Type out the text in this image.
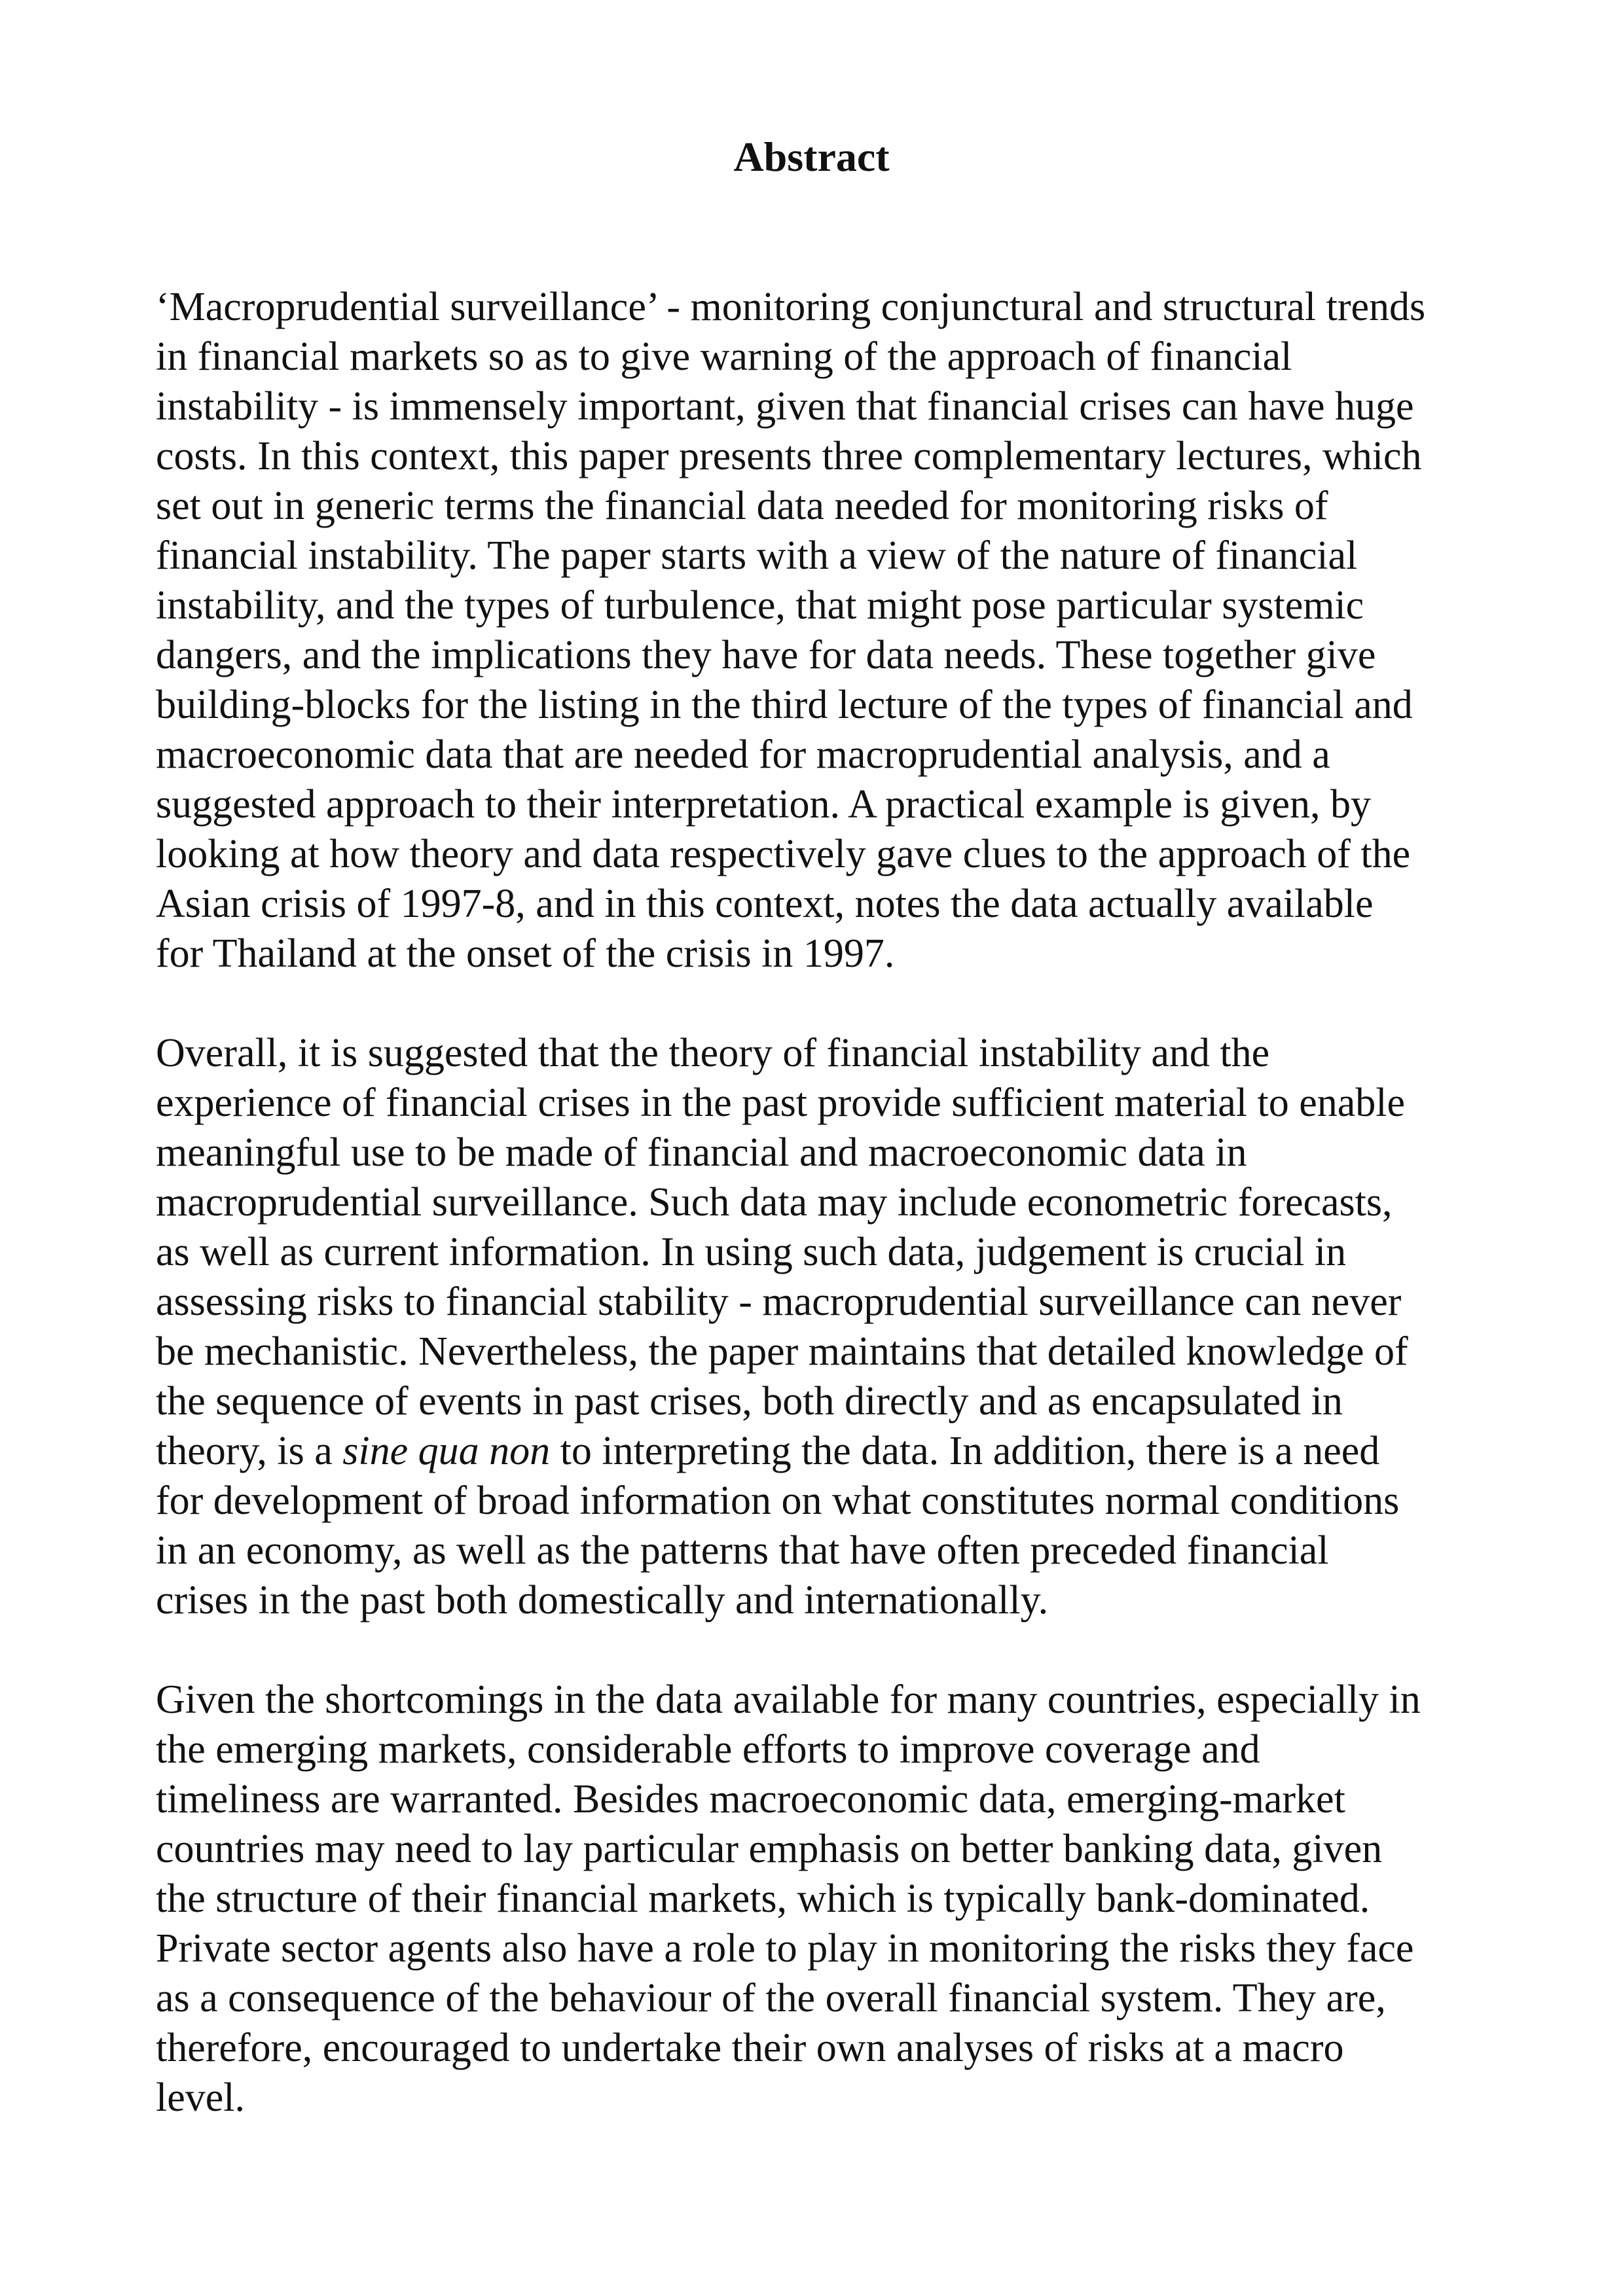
Abstract

‘Macroprudential surveillance’ - monitoring conjunctural and structural trends
in financial markets so as to give warning of the approach of financial
instability - is immensely important, given that financial crises can have huge
costs. In this context, this paper presents three complementary lectures, which
set out in generic terms the financial data needed for monitoring risks of
financial instability. The paper starts with a view of the nature of financial
instability, and the types of turbulence, that might pose particular systemic
dangers, and the implications they have for data needs. These together give
building-blocks for the listing in the third lecture of the types of financial and
macroeconomic data that are needed for macroprudential analysis, and a
suggested approach to their interpretation. A practical example is given, by
looking at how theory and data respectively gave clues to the approach of the
Asian crisis of 1997-8, and in this context, notes the data actually available
for Thailand at the onset of the crisis in 1997.

Overall, it is suggested that the theory of financial instability and the
experience of financial crises in the past provide sufficient material to enable
meaningful use to be made of financial and macroeconomic data in
macroprudential surveillance. Such data may include econometric forecasts,
as well as current information. In using such data, judgement is crucial in
assessing risks to financial stability - macroprudential surveillance can never
be mechanistic. Nevertheless, the paper maintains that detailed knowledge of
the sequence of events in past crises, both directly and as encapsulated in
theory, is a sine qua non to interpreting the data. In addition, there is a need
for development of broad information on what constitutes normal conditions
in an economy, as well as the patterns that have often preceded financial
crises in the past both domestically and internationally.

Given the shortcomings in the data available for many countries, especially in
the emerging markets, considerable efforts to improve coverage and
timeliness are warranted. Besides macroeconomic data, emerging-market
countries may need to lay particular emphasis on better banking data, given
the structure of their financial markets, which is typically bank-dominated.
Private sector agents also have a role to play in monitoring the risks they face
as a consequence of the behaviour of the overall financial system. They are,
therefore, encouraged to undertake their own analyses of risks at a macro
level.
